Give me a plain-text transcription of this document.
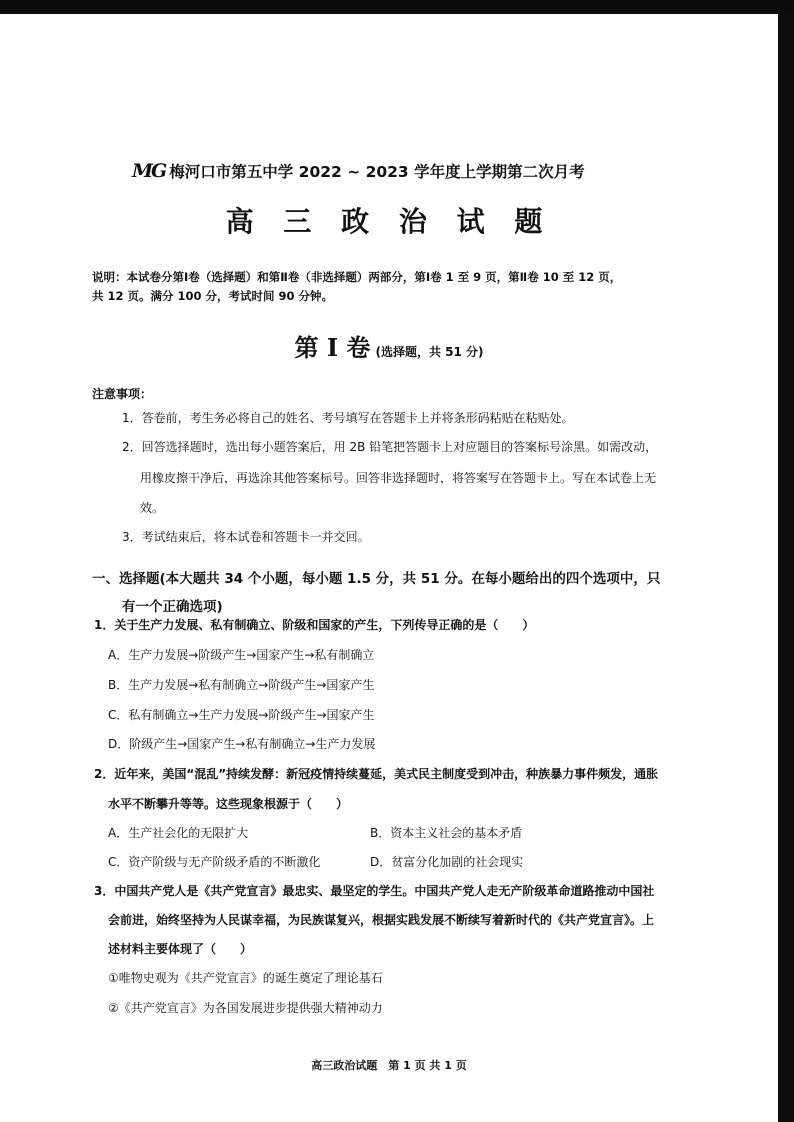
MG 梅河口市第五中学 2022 ~ 2023 学年度上学期第二次月考
高 三 政 治 试 题
说明：本试卷分第Ⅰ卷（选择题）和第Ⅱ卷（非选择题）两部分，第Ⅰ卷 1 至 9 页，第Ⅱ卷 10 至 12 页，
共 12 页。满分 100 分，考试时间 90 分钟。
第 Ⅰ 卷 (选择题，共 51 分)
注意事项：
1．答卷前，考生务必将自己的姓名、考号填写在答题卡上并将条形码粘贴在粘贴处。
2．回答选择题时，选出每小题答案后，用 2B 铅笔把答题卡上对应题目的答案标号涂黑。如需改动，
用橡皮擦干净后，再选涂其他答案标号。回答非选择题时，将答案写在答题卡上。写在本试卷上无
效。
3．考试结束后，将本试卷和答题卡一并交回。
一、选择题(本大题共 34 个小题，每小题 1.5 分，共 51 分。在每小题给出的四个选项中，只
有一个正确选项)
1．关于生产力发展、私有制确立、阶级和国家的产生，下列传导正确的是（　　）
A．生产力发展→阶级产生→国家产生→私有制确立
B．生产力发展→私有制确立→阶级产生→国家产生
C．私有制确立→生产力发展→阶级产生→国家产生
D．阶级产生→国家产生→私有制确立→生产力发展
2．近年来，美国“混乱”持续发酵：新冠疫情持续蔓延，美式民主制度受到冲击，种族暴力事件频发，通胀
水平不断攀升等等。这些现象根源于（　　）
A．生产社会化的无限扩大	B．资本主义社会的基本矛盾
C．资产阶级与无产阶级矛盾的不断激化	D．贫富分化加剧的社会现实
3．中国共产党人是《共产党宣言》最忠实、最坚定的学生。中国共产党人走无产阶级革命道路推动中国社
会前进，始终坚持为人民谋幸福，为民族谋复兴，根据实践发展不断续写着新时代的《共产党宣言》。上
述材料主要体现了（　　）
①唯物史观为《共产党宣言》的诞生奠定了理论基石
②《共产党宣言》为各国发展进步提供强大精神动力
高三政治试题　第 1 页 共 1 页
